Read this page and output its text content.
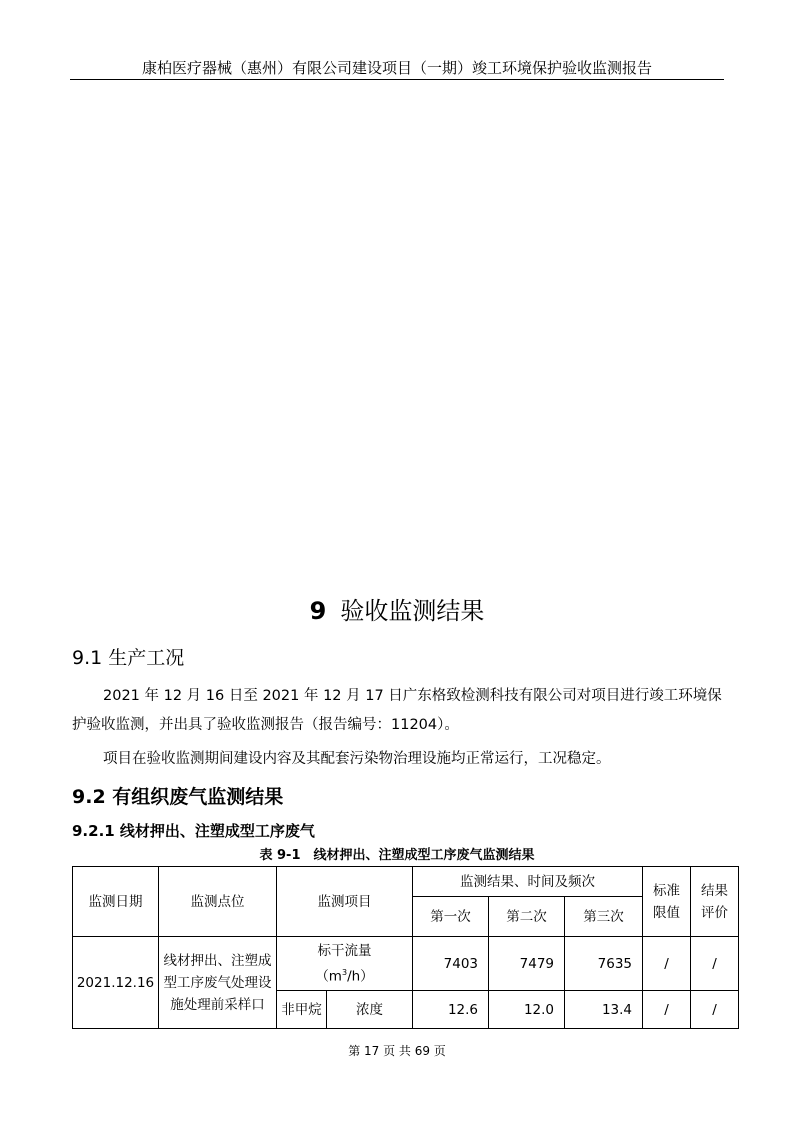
康柏医疗器械（惠州）有限公司建设项目（一期）竣工环境保护验收监测报告
9 验收监测结果
9.1 生产工况
2021 年 12 月 16 日至 2021 年 12 月 17 日广东格致检测科技有限公司对项目进行竣工环境保护验收监测，并出具了验收监测报告（报告编号：11204）。
项目在验收监测期间建设内容及其配套污染物治理设施均正常运行，工况稳定。
9.2 有组织废气监测结果
9.2.1 线材押出、注塑成型工序废气
表 9-1　线材押出、注塑成型工序废气监测结果
监测日期	监测点位	监测项目		监测结果、时间及频次			标准限值	结果评价
				第一次	第二次	第三次		
2021.12.16	线材押出、注塑成型工序废气处理设施处理前采样口	标干流量
$(m^3/h)$		7403	7479	7635	/	/
		非甲烷	浓度	12.6	12.0	13.4	/	/
第 17 页 共 69 页
